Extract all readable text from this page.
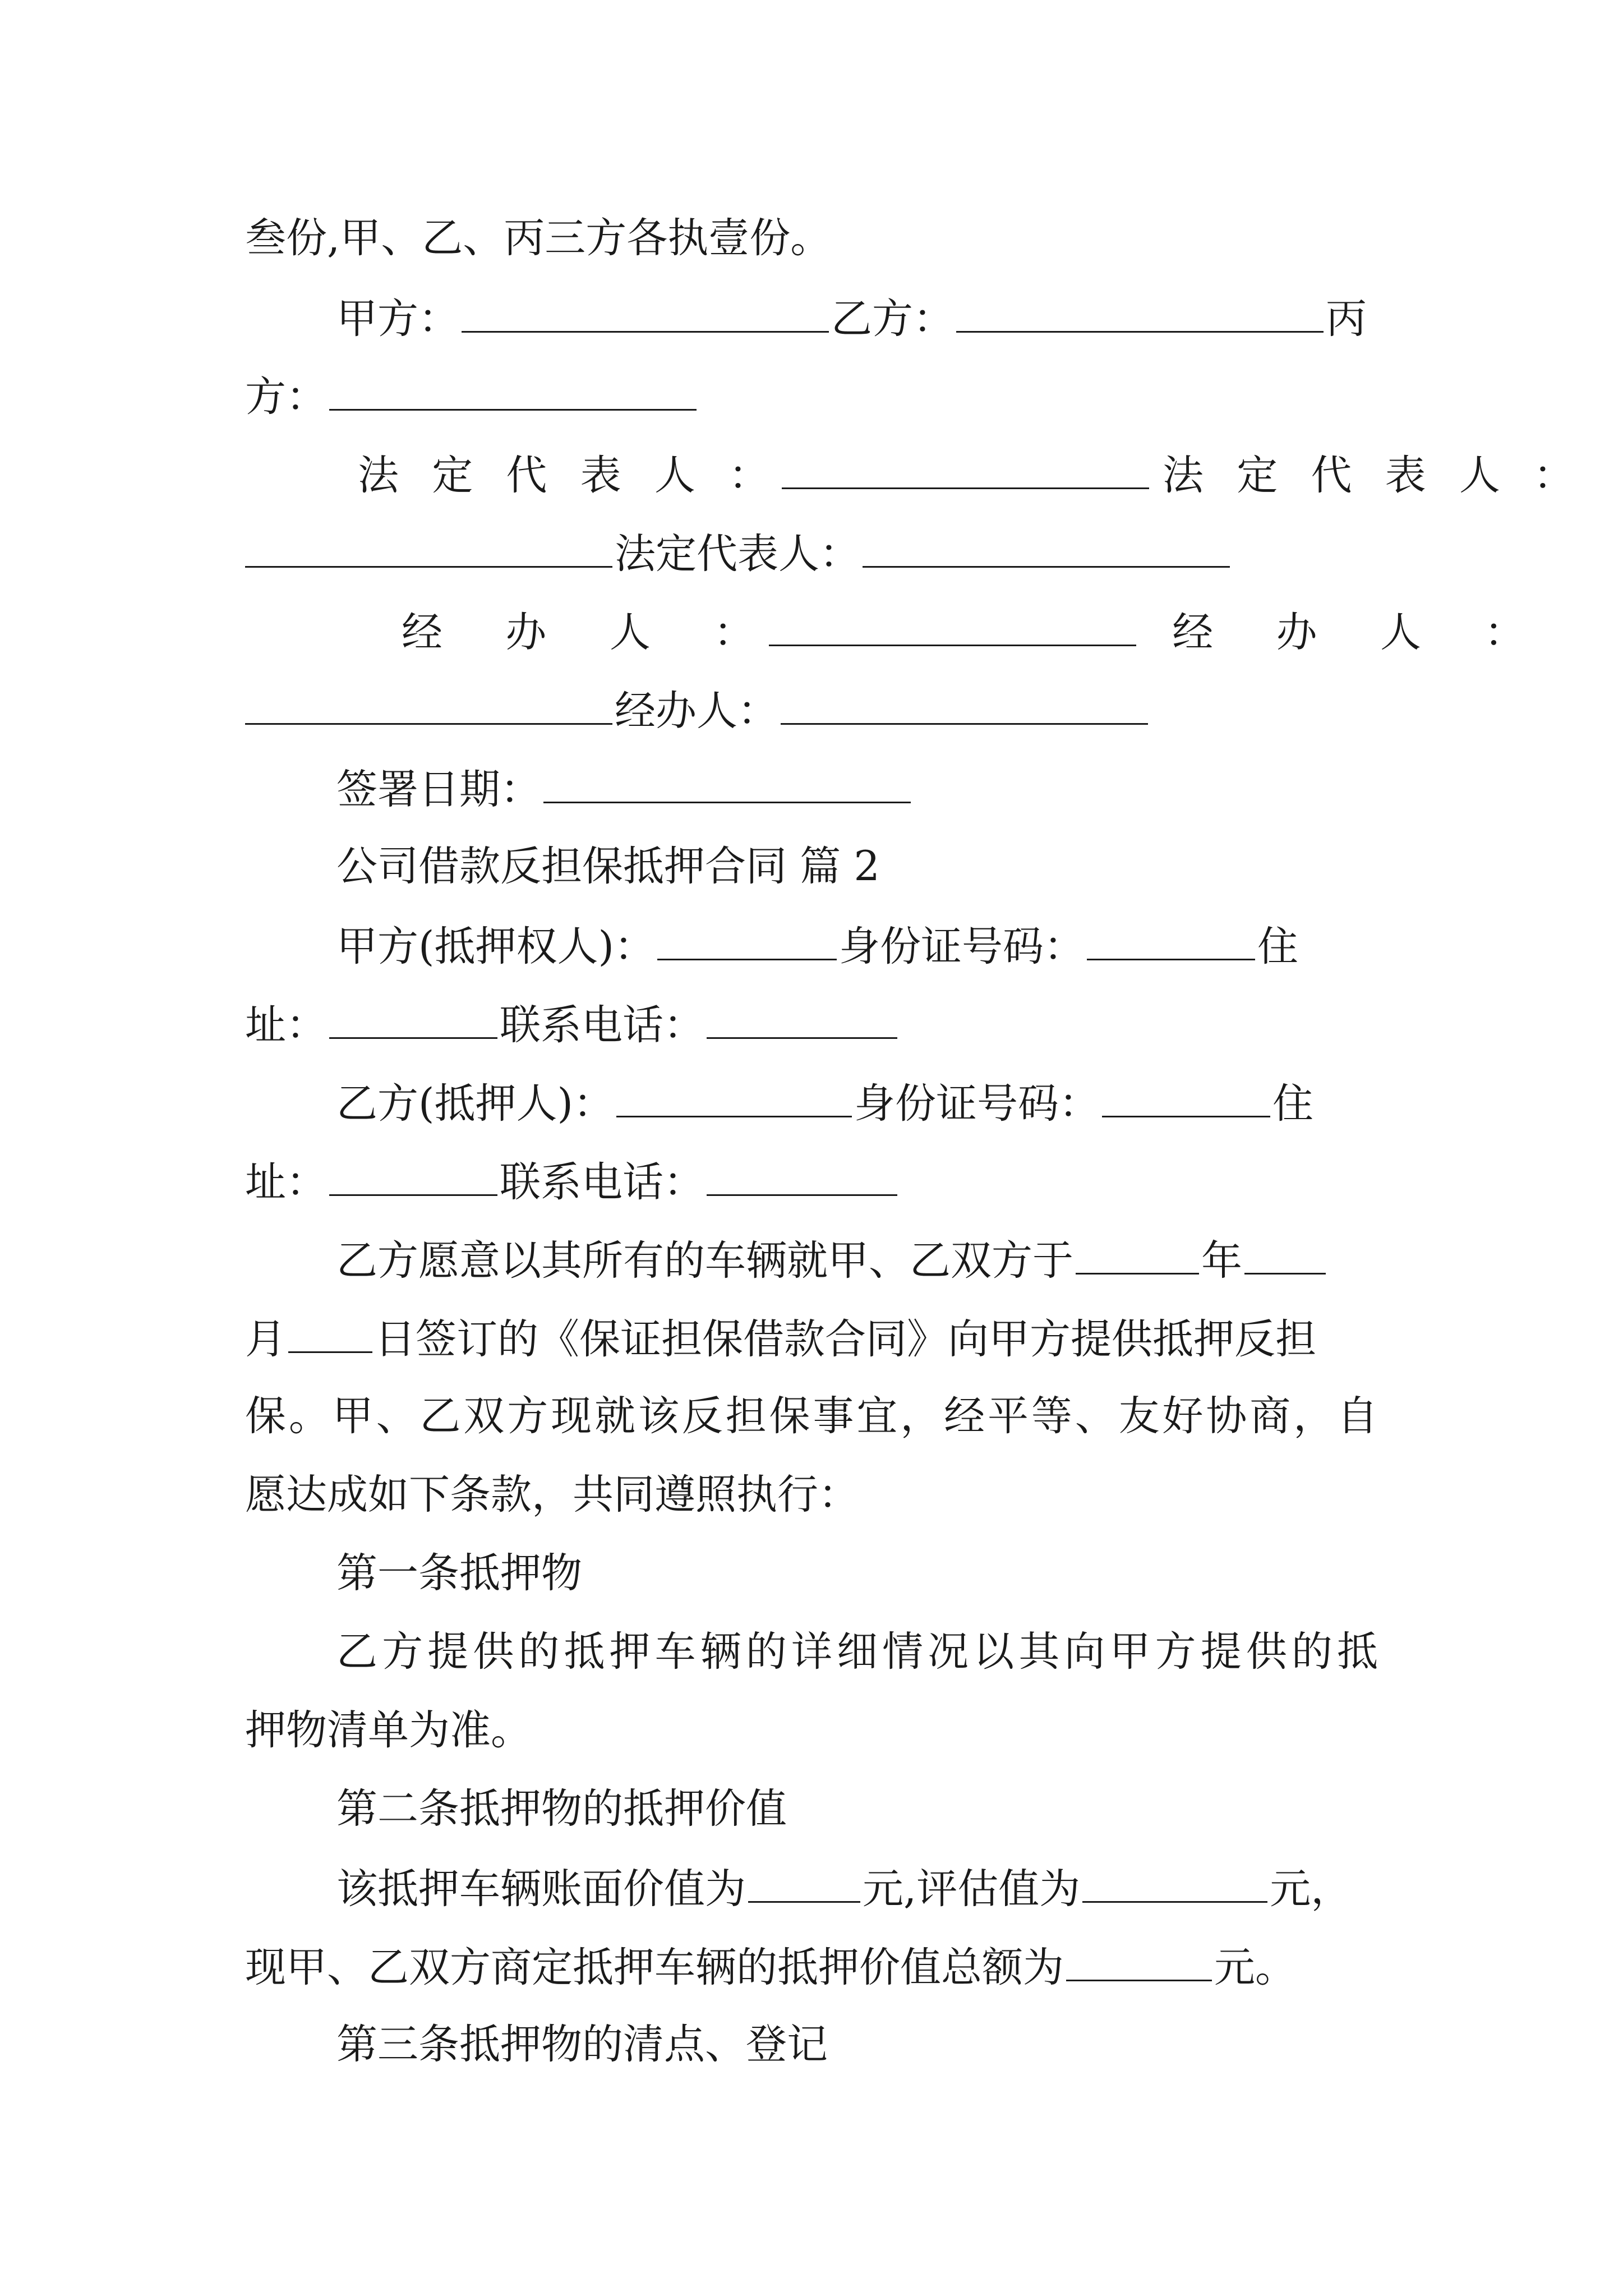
叁份,甲、乙、丙三方各执壹份。
甲方：	乙方：	丙
方：
法 定 代 表 人 ：	法 定 代 表 人 ：
法定代表人：
经  办  人  ：	经  办  人  ：
经办人：
签署日期：
公司借款反担保抵押合同 篇 2
甲方(抵押权人)：	身份证号码：	住
址：	联系电话：
乙方(抵押人)：	身份证号码：	住
址：	联系电话：
乙方愿意以其所有的车辆就甲、乙双方于	年
月 日签订的《保证担保借款合同》向甲方提供抵押反担
保。甲、乙双方现就该反担保事宜，经平等、友好协商，自
愿达成如下条款，共同遵照执行：
第一条抵押物
乙方提供的抵押车辆的详细情况以其向甲方提供的抵
押物清单为准。
第二条抵押物的抵押价值
该抵押车辆账面价值为	元,评估值为	元，
现甲、乙双方商定抵押车辆的抵押价值总额为	元。
第三条抵押物的清点、登记
